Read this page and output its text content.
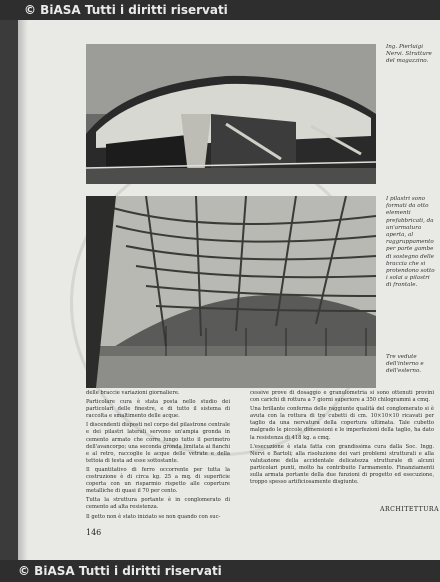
© BiASA Tutti i diritti riservati
Ing. Pierluigi Nervi. Strutture del magazzino.
I pilastri sono formati da otto elementi prefabbricati, da un'armatura aperta, al raggruppamento per parte gambe di sostegno delle braccia che si protendono sotto i solai a pilastri di frontale.
Tre vedute dell'interno e dell'esterno.

delle braccie variazioni giornaliere.

Particolare cura è stata posta nello studio dei particolari delle finestre, e di tutto il sistema di raccolta e smaltimento delle acque.

I discendenti disposti nel corpo del pilastrone centrale e dei pilastri laterali servono un'ampia gronda in cemento armato che corre lungo tutto il perimetro dell'avancorpo; una seconda gronda limitata ai fianchi e al retro, raccoglie le acque delle vetrate e della tettoia di testa ad esse sottostante.

Il quantitativo di ferro occorrente per tutta la costruzione è di circa kg. 25 a mq. di superficie coperta con un risparmio rispetto alle coperture metalliche di quasi il 70 per cento.

Tutta la struttura portante è in conglomerato di cemento ad alta resistenza.

Il getto non è stato iniziato se non quando con suc-

cessive prove di dosaggio e granulometria si sono ottenuti provini con carichi di rottura a 7 giorni superiore a 350 chilogrammi a cmq.

Una brillante conferma delle raggiunte qualità del conglomerato si è avuta con la rottura di tre cubetti di cm. 10×10×10 ricavati per taglio da una nervatura della copertura ultimata. Tale cubetto malgrado le piccole dimensioni e le imperfezioni della taglio, ha dato la resistenza di 418 kg. a cmq.

L'esecuzione è stata fatta con grandissima cura dalla Soc. Ingg. Nervi e Bartoli; alla risoluzione dei vari problemi strutturali e alla valutazione della accidentale delicatezza strutturale di alcuni particolari punti, molto ha contribuito l'armamento. Finanziamenti sulla armata portante della due funzioni di progetto ed esecuzione, troppo spesso artificiosamente disgiunte.

146
ARCHITETTURA
© BiASA Tutti i diritti riservati
